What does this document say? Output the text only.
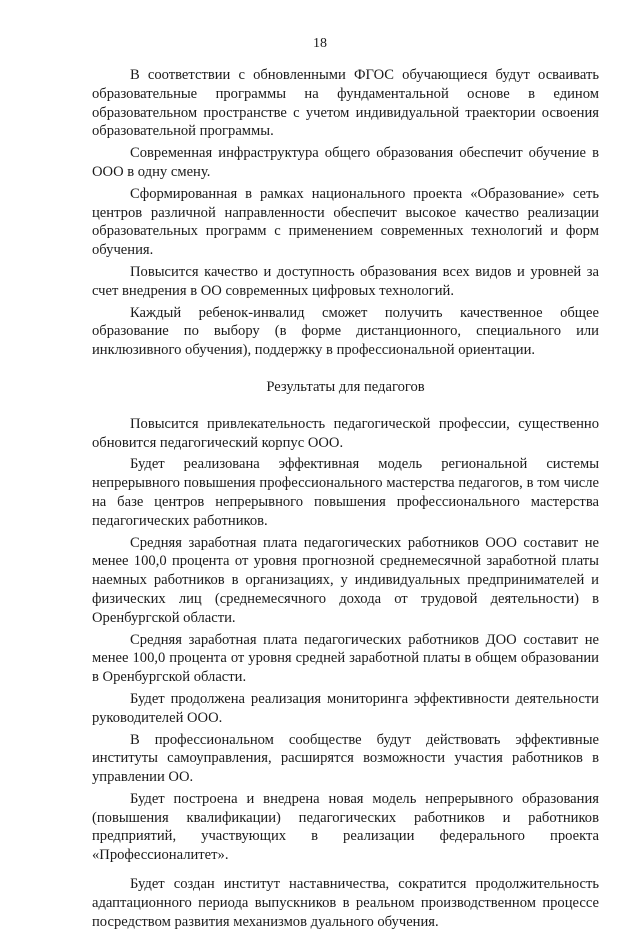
18

В соответствии с обновленными ФГОС обучающиеся будут осваивать образовательные программы на фундаментальной основе в едином образовательном пространстве с учетом индивидуальной траектории освоения образовательной программы.

Современная инфраструктура общего образования обеспечит обучение в ООО в одну смену.

Сформированная в рамках национального проекта «Образование» сеть центров различной направленности обеспечит высокое качество реализации образовательных программ с применением современных технологий и форм обучения.

Повысится качество и доступность образования всех видов и уровней за счет внедрения в ОО современных цифровых технологий.

Каждый ребенок-инвалид сможет получить качественное общее образование по выбору (в форме дистанционного, специального или инклюзивного обучения), поддержку в профессиональной ориентации.

Результаты для педагогов

Повысится привлекательность педагогической профессии, существенно обновится педагогический корпус ООО.

Будет реализована эффективная модель региональной системы непрерывного повышения профессионального мастерства педагогов, в том числе на базе центров непрерывного повышения профессионального мастерства педагогических работников.

Средняя заработная плата педагогических работников ООО составит не менее 100,0 процента от уровня прогнозной среднемесячной заработной платы наемных работников в организациях, у индивидуальных предпринимателей и физических лиц (среднемесячного дохода от трудовой деятельности) в Оренбургской области.

Средняя заработная плата педагогических работников ДОО составит не менее 100,0 процента от уровня средней заработной платы в общем образовании в Оренбургской области.

Будет продолжена реализация мониторинга эффективности деятельности руководителей ООО.

В профессиональном сообществе будут действовать эффективные институты самоуправления, расширятся возможности участия работников в управлении ОО.

Будет построена и внедрена новая модель непрерывного образования (повышения квалификации) педагогических работников и работников предприятий, участвующих в реализации федерального проекта «Профессионалитет».

Будет создан институт наставничества, сократится продолжительность адаптационного периода выпускников в реальном производственном процессе посредством развития механизмов дуального обучения.
